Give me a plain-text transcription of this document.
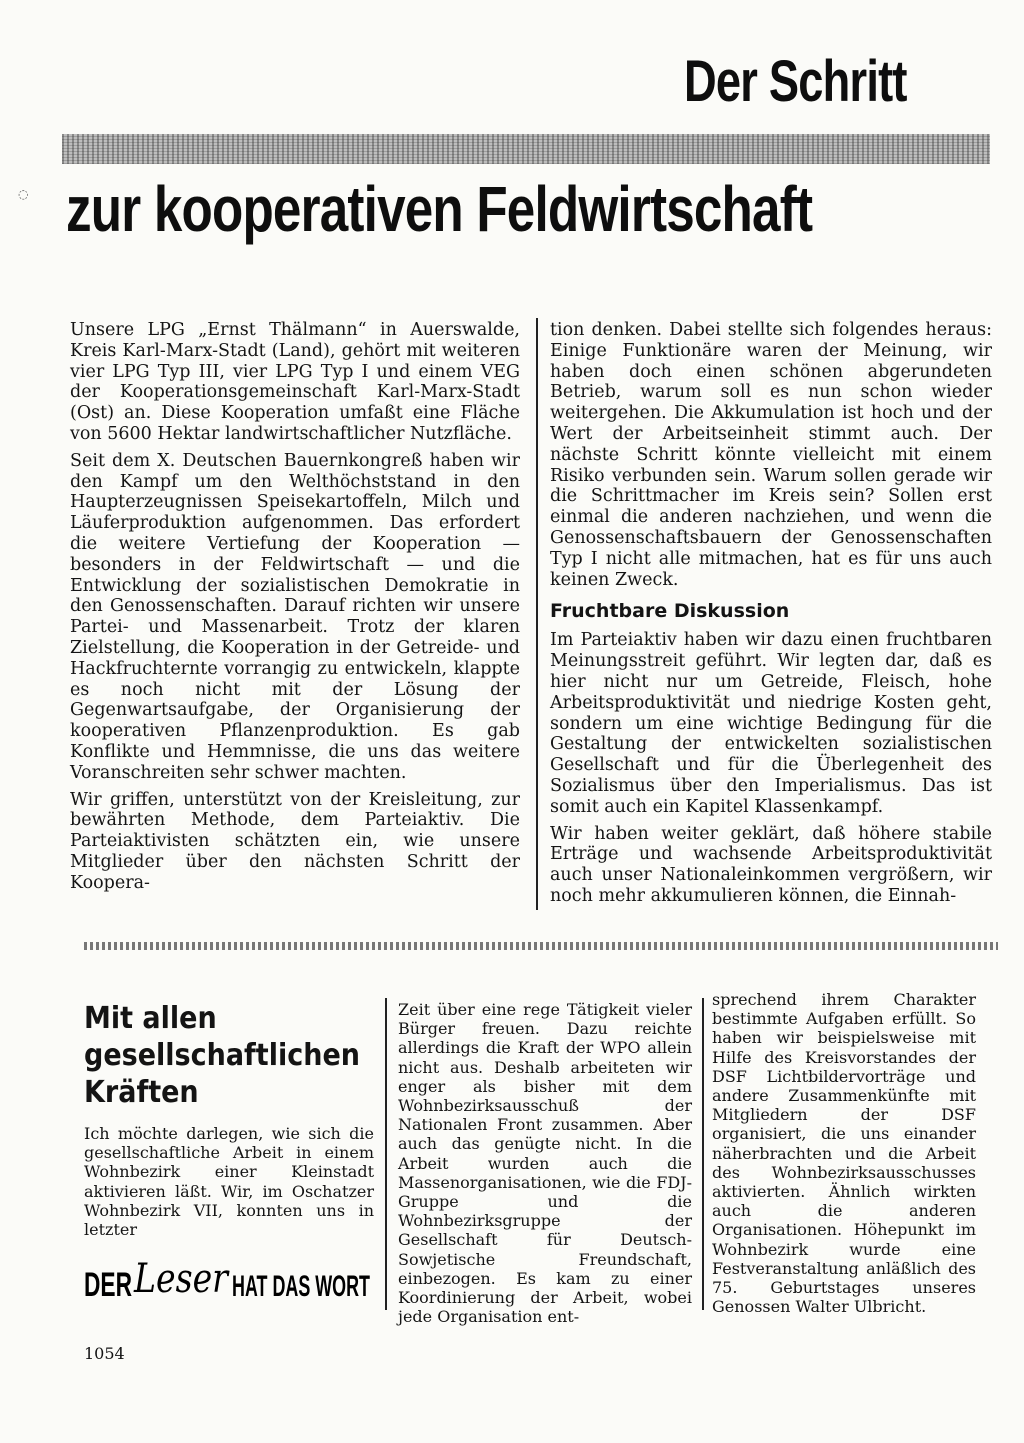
Der Schritt
◌ zur kooperativen Feldwirtschaft

Unsere LPG „Ernst Thälmann“ in Auerswalde, Kreis Karl-Marx-Stadt (Land), gehört mit weiteren vier LPG Typ III, vier LPG Typ I und einem VEG der Kooperationsgemeinschaft Karl-Marx-Stadt (Ost) an. Diese Kooperation umfaßt eine Fläche von 5600 Hektar landwirtschaftlicher Nutzfläche.

Seit dem X. Deutschen Bauernkongreß haben wir den Kampf um den Welthöchststand in den Haupterzeugnissen Speisekartoffeln, Milch und Läuferproduktion aufgenommen. Das erfordert die weitere Vertiefung der Kooperation — besonders in der Feldwirtschaft — und die Entwicklung der sozialistischen Demokratie in den Genossenschaften. Darauf richten wir unsere Partei- und Massenarbeit. Trotz der klaren Zielstellung, die Kooperation in der Getreide- und Hackfruchternte vorrangig zu entwickeln, klappte es noch nicht mit der Lösung der Gegenwartsaufgabe, der Organisierung der kooperativen Pflanzenproduktion. Es gab Konflikte und Hemmnisse, die uns das weitere Voranschreiten sehr schwer machten.

Wir griffen, unterstützt von der Kreisleitung, zur bewährten Methode, dem Parteiaktiv. Die Parteiaktivisten schätzten ein, wie unsere Mitglieder über den nächsten Schritt der Koopera-

tion denken. Dabei stellte sich folgendes heraus: Einige Funktionäre waren der Meinung, wir haben doch einen schönen abgerundeten Betrieb, warum soll es nun schon wieder weitergehen. Die Akkumulation ist hoch und der Wert der Arbeitseinheit stimmt auch. Der nächste Schritt könnte vielleicht mit einem Risiko verbunden sein. Warum sollen gerade wir die Schrittmacher im Kreis sein? Sollen erst einmal die anderen nachziehen, und wenn die Genossenschaftsbauern der Genossenschaften Typ I nicht alle mitmachen, hat es für uns auch keinen Zweck.

Fruchtbare Diskussion

Im Parteiaktiv haben wir dazu einen fruchtbaren Meinungsstreit geführt. Wir legten dar, daß es hier nicht nur um Getreide, Fleisch, hohe Arbeitsproduktivität und niedrige Kosten geht, sondern um eine wichtige Bedingung für die Gestaltung der entwickelten sozialistischen Gesellschaft und für die Überlegenheit des Sozialismus über den Imperialismus. Das ist somit auch ein Kapitel Klassenkampf.

Wir haben weiter geklärt, daß höhere stabile Erträge und wachsende Arbeitsproduktivität auch unser Nationaleinkommen vergrößern, wir noch mehr akkumulieren können, die Einnah-

Mit allen
gesellschaftlichen
Kräften

Ich möchte darlegen, wie sich die gesellschaftliche Arbeit in einem Wohnbezirk einer Kleinstadt aktivieren läßt. Wir, im Oschatzer Wohnbezirk VII, konnten uns in letzter

Zeit über eine rege Tätigkeit vieler Bürger freuen. Dazu reichte allerdings die Kraft der WPO allein nicht aus. Deshalb arbeiteten wir enger als bisher mit dem Wohnbezirksausschuß der Nationalen Front zusammen. Aber auch das genügte nicht. In die Arbeit wurden auch die Massenorganisationen, wie die FDJ-Gruppe und die Wohnbezirksgruppe der Gesellschaft für Deutsch-Sowjetische Freundschaft, einbezogen. Es kam zu einer Koordinierung der Arbeit, wobei jede Organisation ent-

sprechend ihrem Charakter bestimmte Aufgaben erfüllt. So haben wir beispielsweise mit Hilfe des Kreisvorstandes der DSF Lichtbildervorträge und andere Zusammenkünfte mit Mitgliedern der DSF organisiert, die uns einander näherbrachten und die Arbeit des Wohnbezirksausschusses aktivierten. Ähnlich wirkten auch die anderen Organisationen. Höhepunkt im Wohnbezirk wurde eine Festveranstaltung anläßlich des 75. Geburtstages unseres Genossen Walter Ulbricht.

DER Leser HAT DAS WORT
1054
